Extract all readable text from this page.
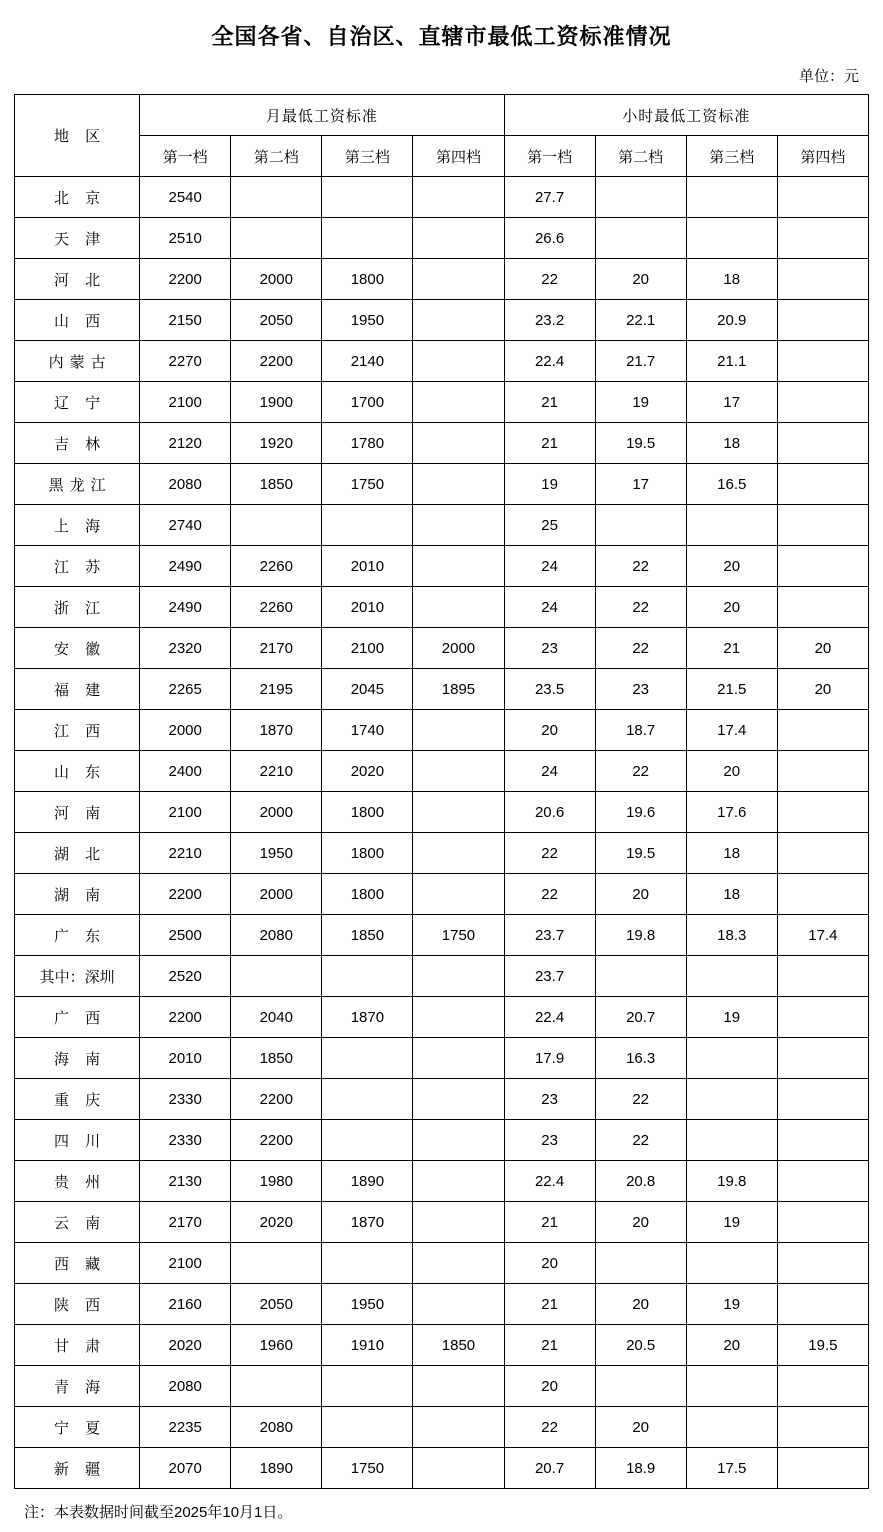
全国各省、自治区、直辖市最低工资标准情况
单位：元
地 区	月最低工资标准				小时最低工资标准			
	第一档	第二档	第三档	第四档	第一档	第二档	第三档	第四档
北 京	2540				27.7			
天 津	2510				26.6			
河 北	2200	2000	1800		22	20	18	
山 西	2150	2050	1950		23.2	22.1	20.9	
内蒙古	2270	2200	2140		22.4	21.7	21.1	
辽 宁	2100	1900	1700		21	19	17	
吉 林	2120	1920	1780		21	19.5	18	
黑龙江	2080	1850	1750		19	17	16.5	
上 海	2740				25			
江 苏	2490	2260	2010		24	22	20	
浙 江	2490	2260	2010		24	22	20	
安 徽	2320	2170	2100	2000	23	22	21	20
福 建	2265	2195	2045	1895	23.5	23	21.5	20
江 西	2000	1870	1740		20	18.7	17.4	
山 东	2400	2210	2020		24	22	20	
河 南	2100	2000	1800		20.6	19.6	17.6	
湖 北	2210	1950	1800		22	19.5	18	
湖 南	2200	2000	1800		22	20	18	
广 东	2500	2080	1850	1750	23.7	19.8	18.3	17.4
其中：深圳	2520				23.7			
广 西	2200	2040	1870		22.4	20.7	19	
海 南	2010	1850			17.9	16.3		
重 庆	2330	2200			23	22		
四 川	2330	2200			23	22		
贵 州	2130	1980	1890		22.4	20.8	19.8	
云 南	2170	2020	1870		21	20	19	
西 藏	2100				20			
陕 西	2160	2050	1950		21	20	19	
甘 肃	2020	1960	1910	1850	21	20.5	20	19.5
青 海	2080				20			
宁 夏	2235	2080			22	20		
新 疆	2070	1890	1750		20.7	18.9	17.5	
注：本表数据时间截至2025年10月1日。
